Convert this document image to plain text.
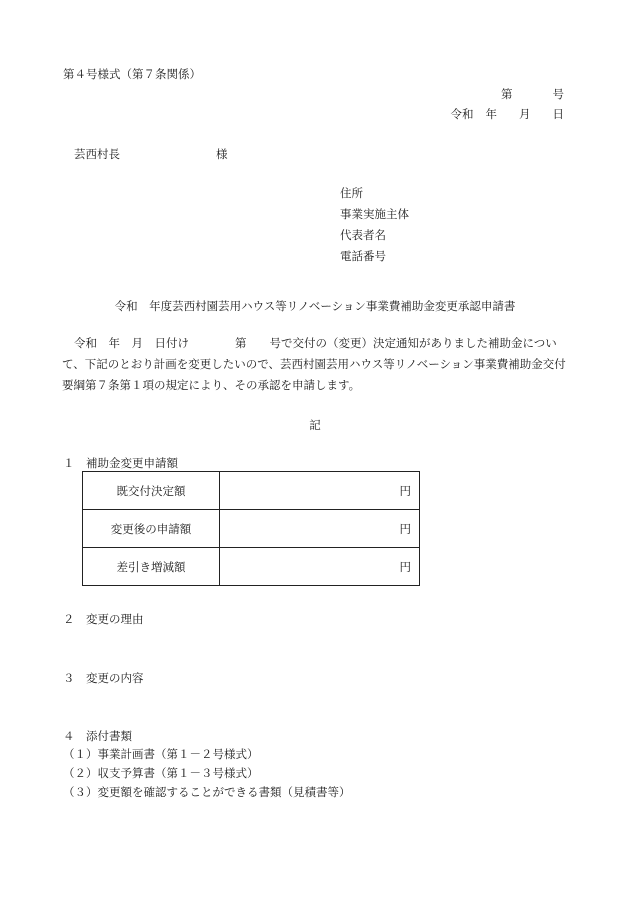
第４号様式（第７条関係）
第	号
令和 年 月 日
芸西村長	様
住所
事業実施主体
代表者名
電話番号
令和　年度芸西村園芸用ハウス等リノベーション事業費補助金変更承認申請書
令和　年　月　日付け　　　　第　　号で交付の（変更）決定通知がありました補助金について、下記のとおり計画を変更したいので、芸西村園芸用ハウス等リノベーション事業費補助金交付要綱第７条第１項の規定により、その承認を申請します。
記
１　補助金変更申請額
既交付決定額	円
変更後の申請額	円
差引き増減額	円
２　変更の理由
３　変更の内容
４　添付書類
（１）事業計画書（第１－２号様式）
（２）収支予算書（第１－３号様式）
（３）変更額を確認することができる書類（見積書等）
